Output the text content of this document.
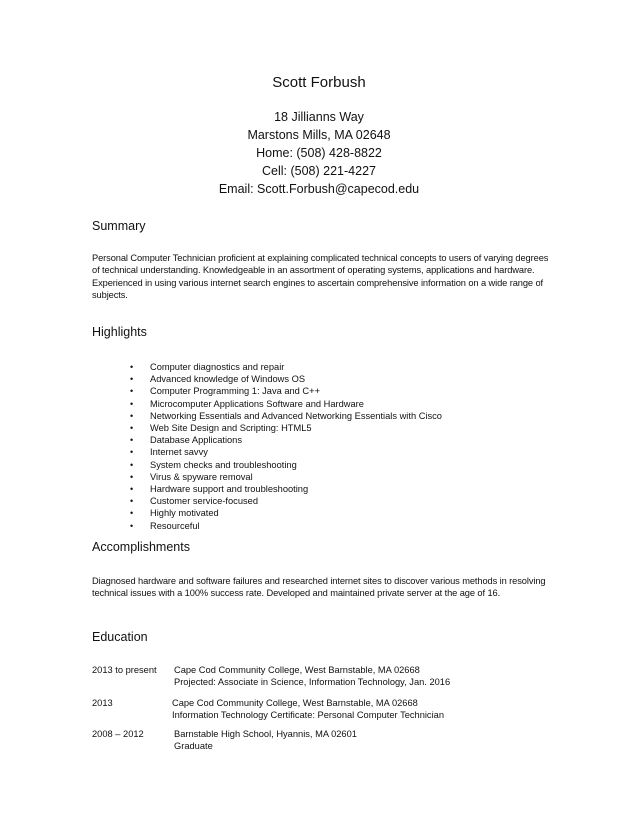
Scott Forbush
18 Jillianns Way
Marstons Mills, MA 02648
Home: (508) 428-8822
Cell: (508) 221-4227
Email: Scott.Forbush@capecod.edu
Summary
Personal Computer Technician proficient at explaining complicated technical concepts to users of varying degrees of technical understanding. Knowledgeable in an assortment of operating systems, applications and hardware. Experienced in using various internet search engines to ascertain comprehensive information on a wide range of subjects.
Highlights
• Computer diagnostics and repair
• Advanced knowledge of Windows OS
• Computer Programming 1: Java and C++
• Microcomputer Applications Software and Hardware
• Networking Essentials and Advanced Networking Essentials with Cisco
• Web Site Design and Scripting: HTML5
• Database Applications
• Internet savvy
• System checks and troubleshooting
• Virus & spyware removal
• Hardware support and troubleshooting
• Customer service-focused
• Highly motivated
• Resourceful
Accomplishments
Diagnosed hardware and software failures and researched internet sites to discover various methods in resolving technical issues with a 100% success rate. Developed and maintained private server at the age of 16.
Education
2013 to present Cape Cod Community College, West Barnstable, MA 02668
Projected: Associate in Science, Information Technology, Jan. 2016
2013	Cape Cod Community College, West Barnstable, MA 02668
Information Technology Certificate: Personal Computer Technician
2008 – 2012	Barnstable High School, Hyannis, MA 02601
Graduate
